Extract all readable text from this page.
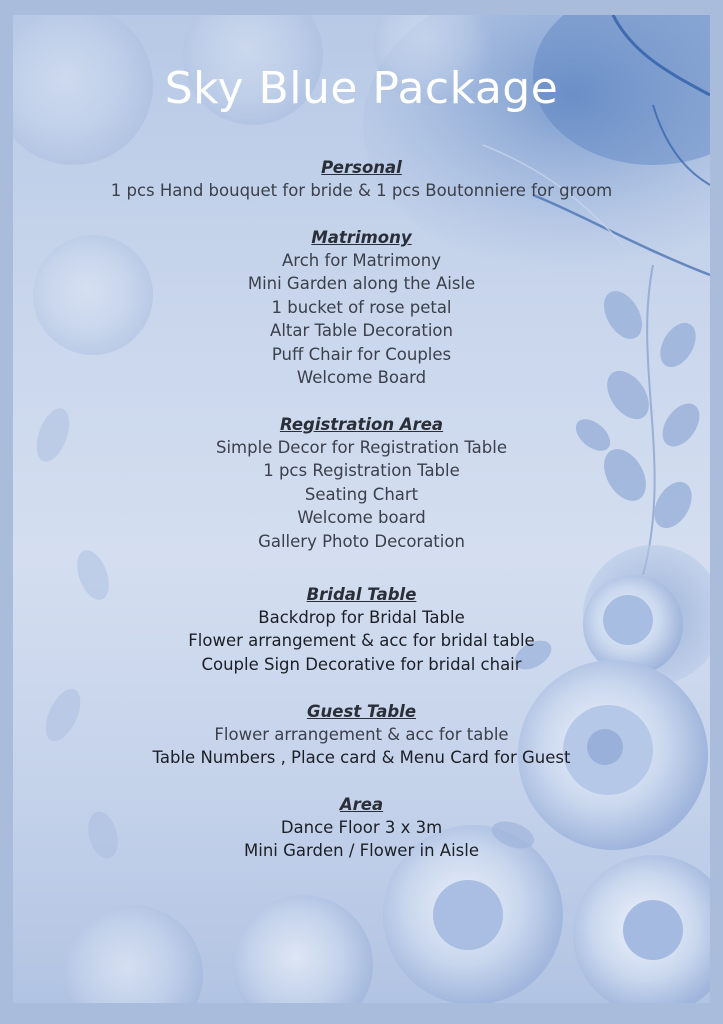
Sky Blue Package
Personal
1 pcs Hand bouquet for bride & 1 pcs Boutonniere for groom
Matrimony
Arch for Matrimony
Mini Garden along the Aisle
1 bucket of rose petal
Altar Table Decoration
Puff Chair for Couples
Welcome Board
Registration Area
Simple Decor for Registration Table
1 pcs Registration Table
Seating Chart
Welcome board
Gallery Photo Decoration
Bridal Table
Backdrop for Bridal Table
Flower arrangement & acc for bridal table
Couple Sign Decorative for bridal chair
Guest Table
Flower arrangement & acc for table
Table Numbers , Place card & Menu Card for Guest
Area
Dance Floor 3 x 3m
Mini Garden / Flower in Aisle
